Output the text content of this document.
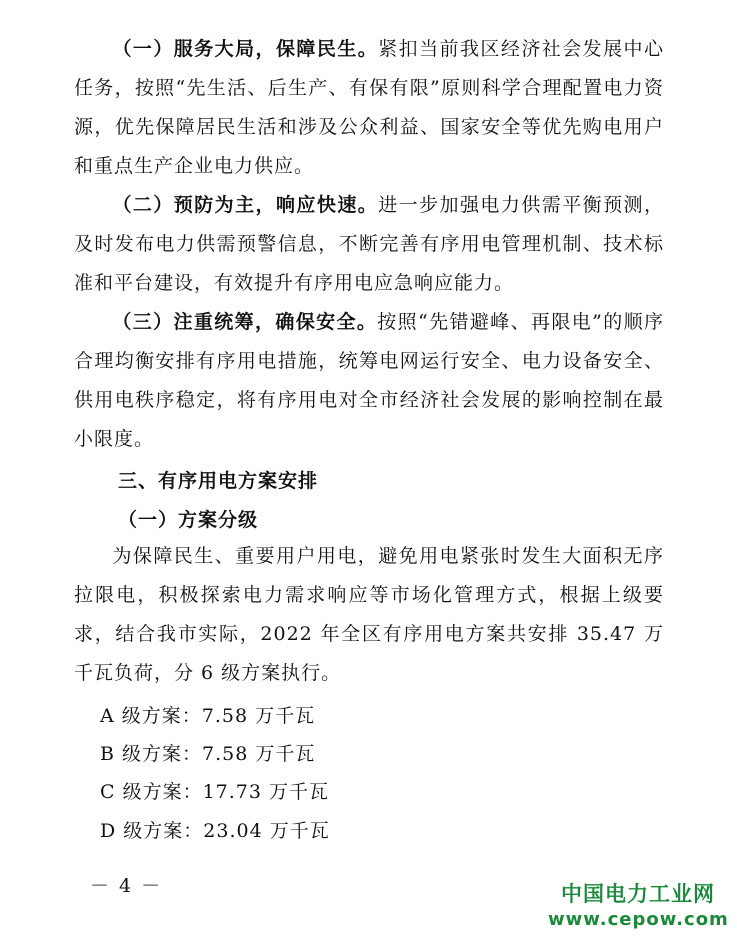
（一）服务大局，保障民生。紧扣当前我区经济社会发展中心任务，按照“先生活、后生产、有保有限”原则科学合理配置电力资源，优先保障居民生活和涉及公众利益、国家安全等优先购电用户和重点生产企业电力供应。

（二）预防为主，响应快速。进一步加强电力供需平衡预测，及时发布电力供需预警信息，不断完善有序用电管理机制、技术标准和平台建设，有效提升有序用电应急响应能力。

（三）注重统筹，确保安全。按照“先错避峰、再限电”的顺序合理均衡安排有序用电措施，统筹电网运行安全、电力设备安全、供用电秩序稳定，将有序用电对全市经济社会发展的影响控制在最小限度。

三、有序用电方案安排
（一）方案分级

为保障民生、重要用户用电，避免用电紧张时发生大面积无序拉限电，积极探索电力需求响应等市场化管理方式，根据上级要求，结合我市实际，2022 年全区有序用电方案共安排 35.47 万千瓦负荷，分 6 级方案执行。

A 级方案：7.58 万千瓦

B 级方案：7.58 万千瓦

C 级方案：17.73 万千瓦

D 级方案：23.04 万千瓦

－ 4 －	中国电力工业网
www.cepow.com
